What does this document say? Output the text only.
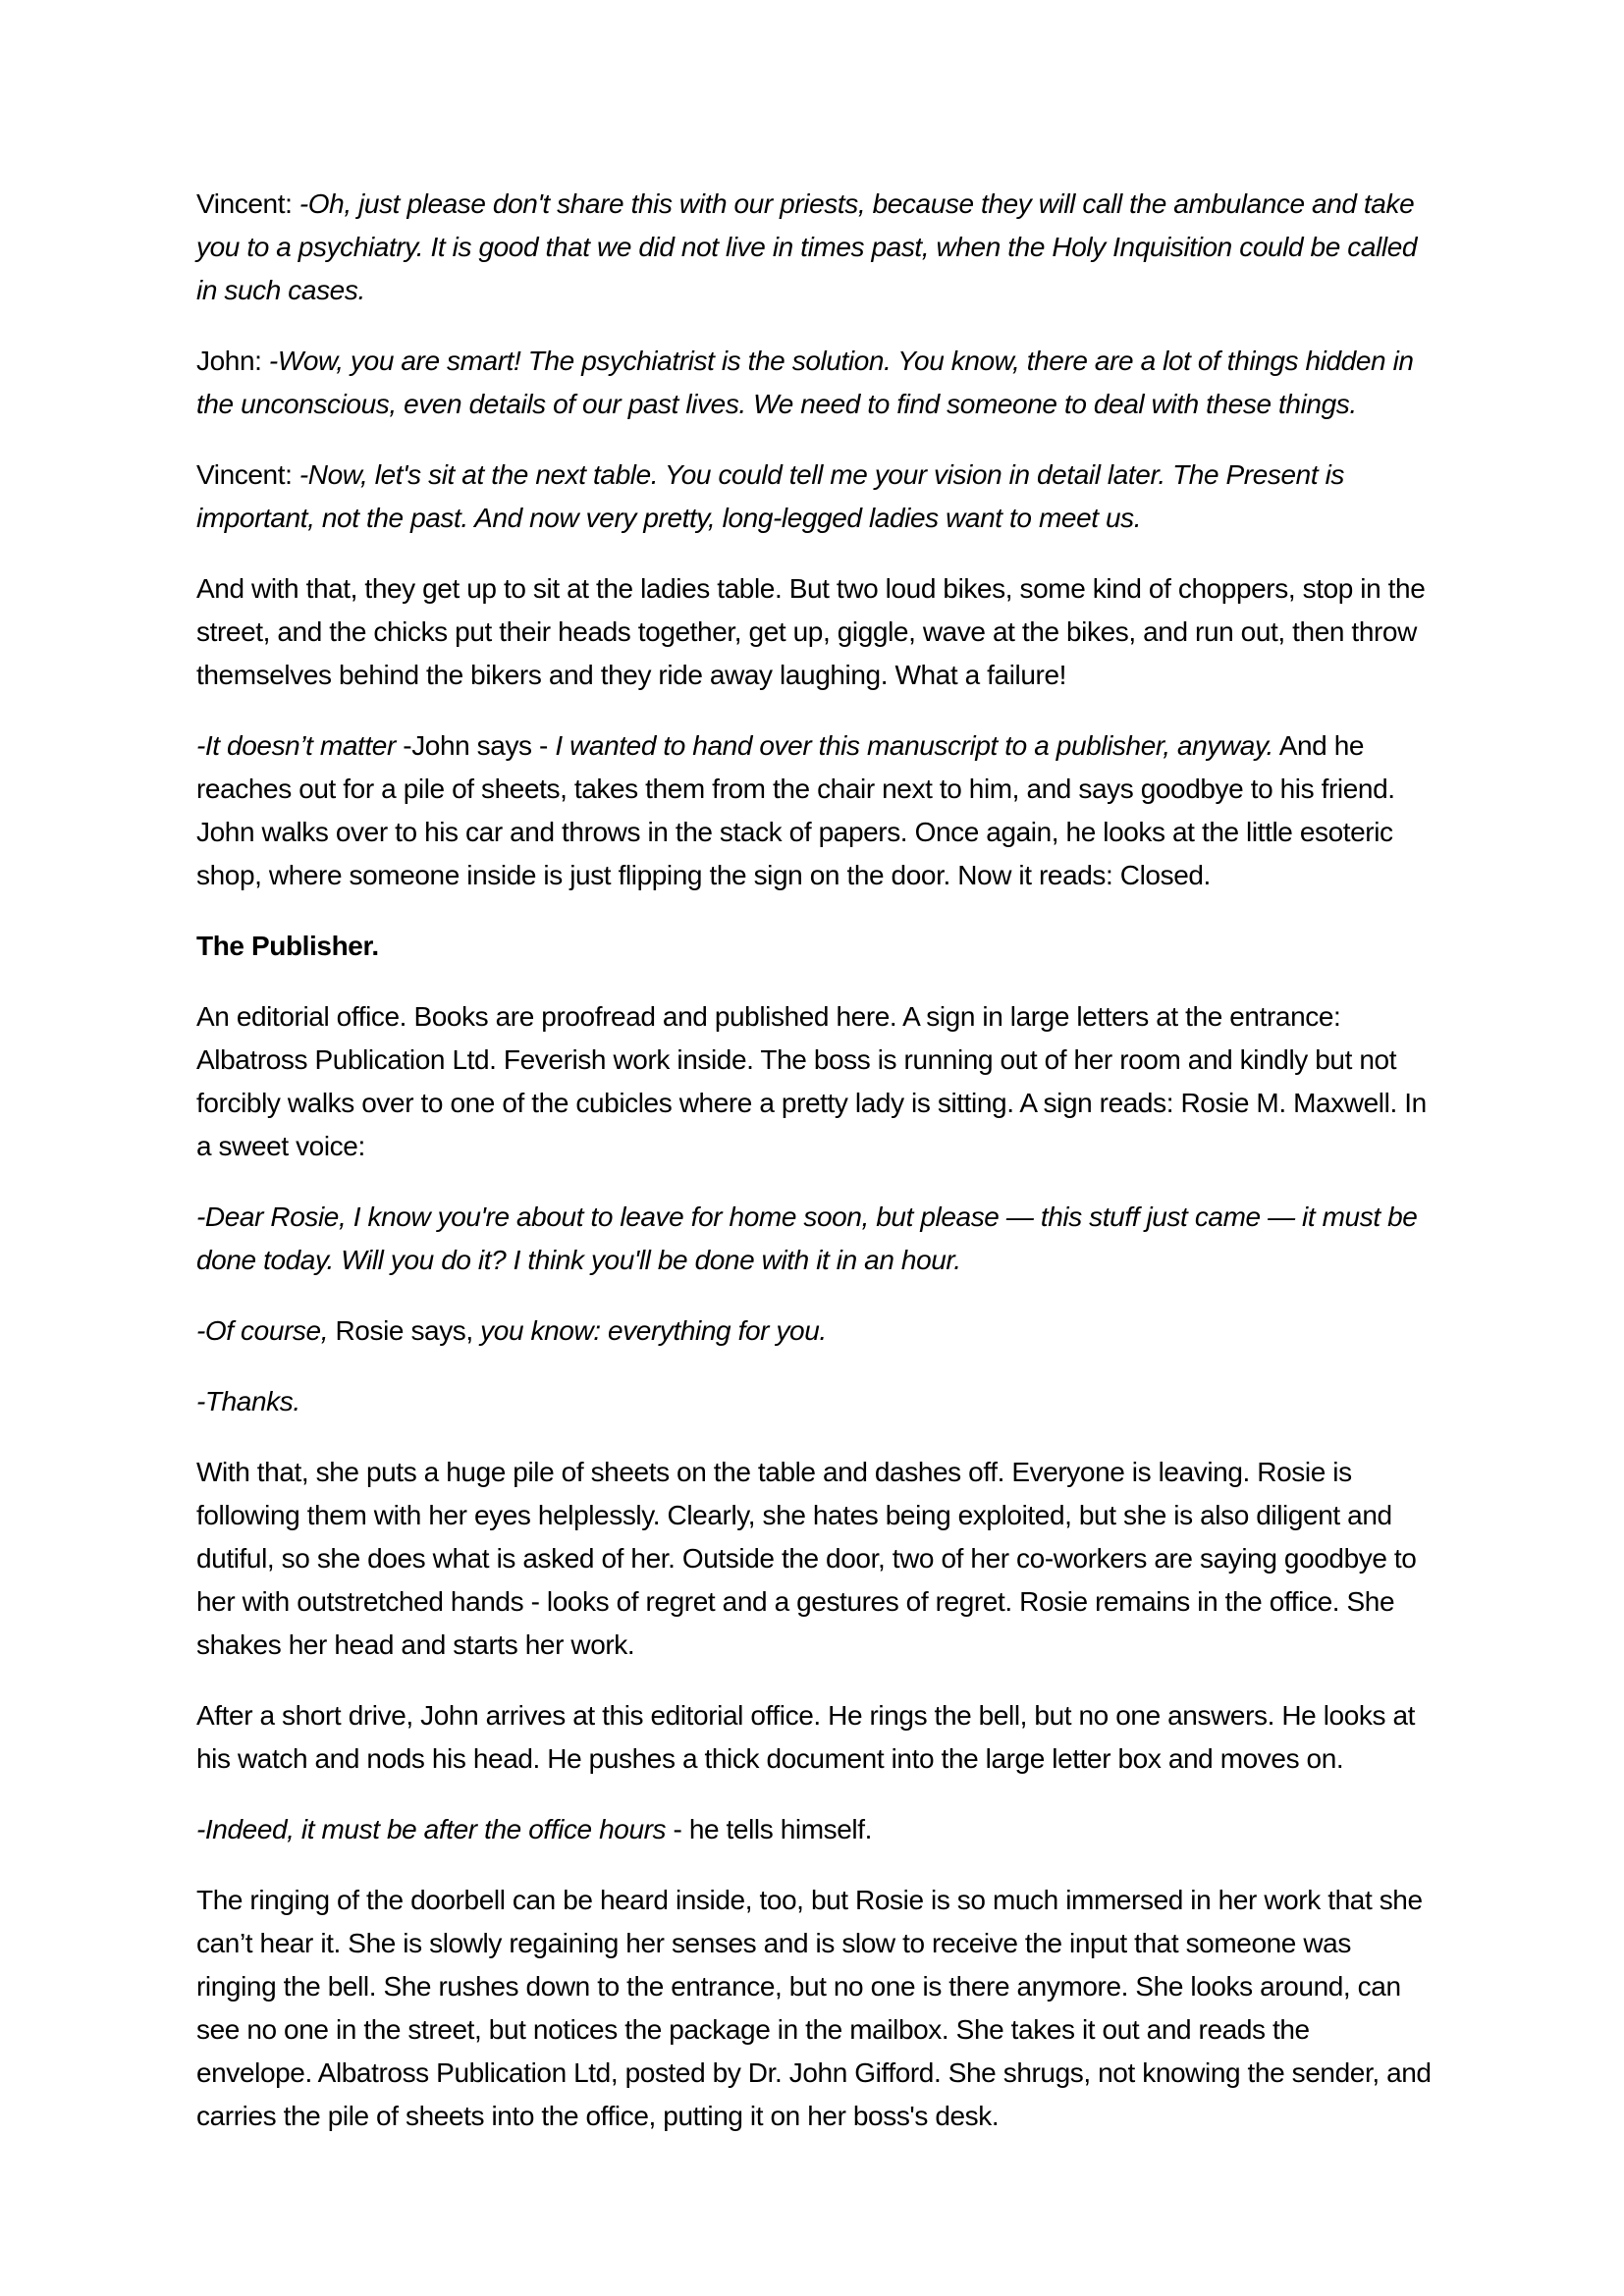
Vincent: -Oh, just please don't share this with our priests, because they will call the ambulance and take you to a psychiatry. It is good that we did not live in times past, when the Holy Inquisition could be called in such cases.

John: -Wow, you are smart! The psychiatrist is the solution. You know, there are a lot of things hidden in the unconscious, even details of our past lives. We need to find someone to deal with these things.

Vincent: -Now, let's sit at the next table. You could tell me your vision in detail later. The Present is important, not the past. And now very pretty, long-legged ladies want to meet us.

And with that, they get up to sit at the ladies table. But two loud bikes, some kind of choppers, stop in the street, and the chicks put their heads together, get up, giggle, wave at the bikes, and run out, then throw themselves behind the bikers and they ride away laughing. What a failure!

-It doesn’t matter -John says - I wanted to hand over this manuscript to a publisher, anyway. And he reaches out for a pile of sheets, takes them from the chair next to him, and says goodbye to his friend. John walks over to his car and throws in the stack of papers. Once again, he looks at the little esoteric shop, where someone inside is just flipping the sign on the door. Now it reads: Closed.

The Publisher.

An editorial office. Books are proofread and published here. A sign in large letters at the entrance: Albatross Publication Ltd. Feverish work inside. The boss is running out of her room and kindly but not forcibly walks over to one of the cubicles where a pretty lady is sitting. A sign reads: Rosie M. Maxwell. In a sweet voice:

-Dear Rosie, I know you're about to leave for home soon, but please — this stuff just came — it must be done today. Will you do it? I think you'll be done with it in an hour.

-Of course, Rosie says, you know: everything for you.

-Thanks.

With that, she puts a huge pile of sheets on the table and dashes off. Everyone is leaving. Rosie is following them with her eyes helplessly. Clearly, she hates being exploited, but she is also diligent and dutiful, so she does what is asked of her. Outside the door, two of her co-workers are saying goodbye to her with outstretched hands - looks of regret and a gestures of regret. Rosie remains in the office. She shakes her head and starts her work.

After a short drive, John arrives at this editorial office. He rings the bell, but no one answers. He looks at his watch and nods his head. He pushes a thick document into the large letter box and moves on.

-Indeed, it must be after the office hours - he tells himself.

The ringing of the doorbell can be heard inside, too, but Rosie is so much immersed in her work that she can’t hear it. She is slowly regaining her senses and is slow to receive the input that someone was ringing the bell. She rushes down to the entrance, but no one is there anymore. She looks around, can see no one in the street, but notices the package in the mailbox. She takes it out and reads the envelope. Albatross Publication Ltd, posted by Dr. John Gifford. She shrugs, not knowing the sender, and carries the pile of sheets into the office, putting it on her boss's desk.
